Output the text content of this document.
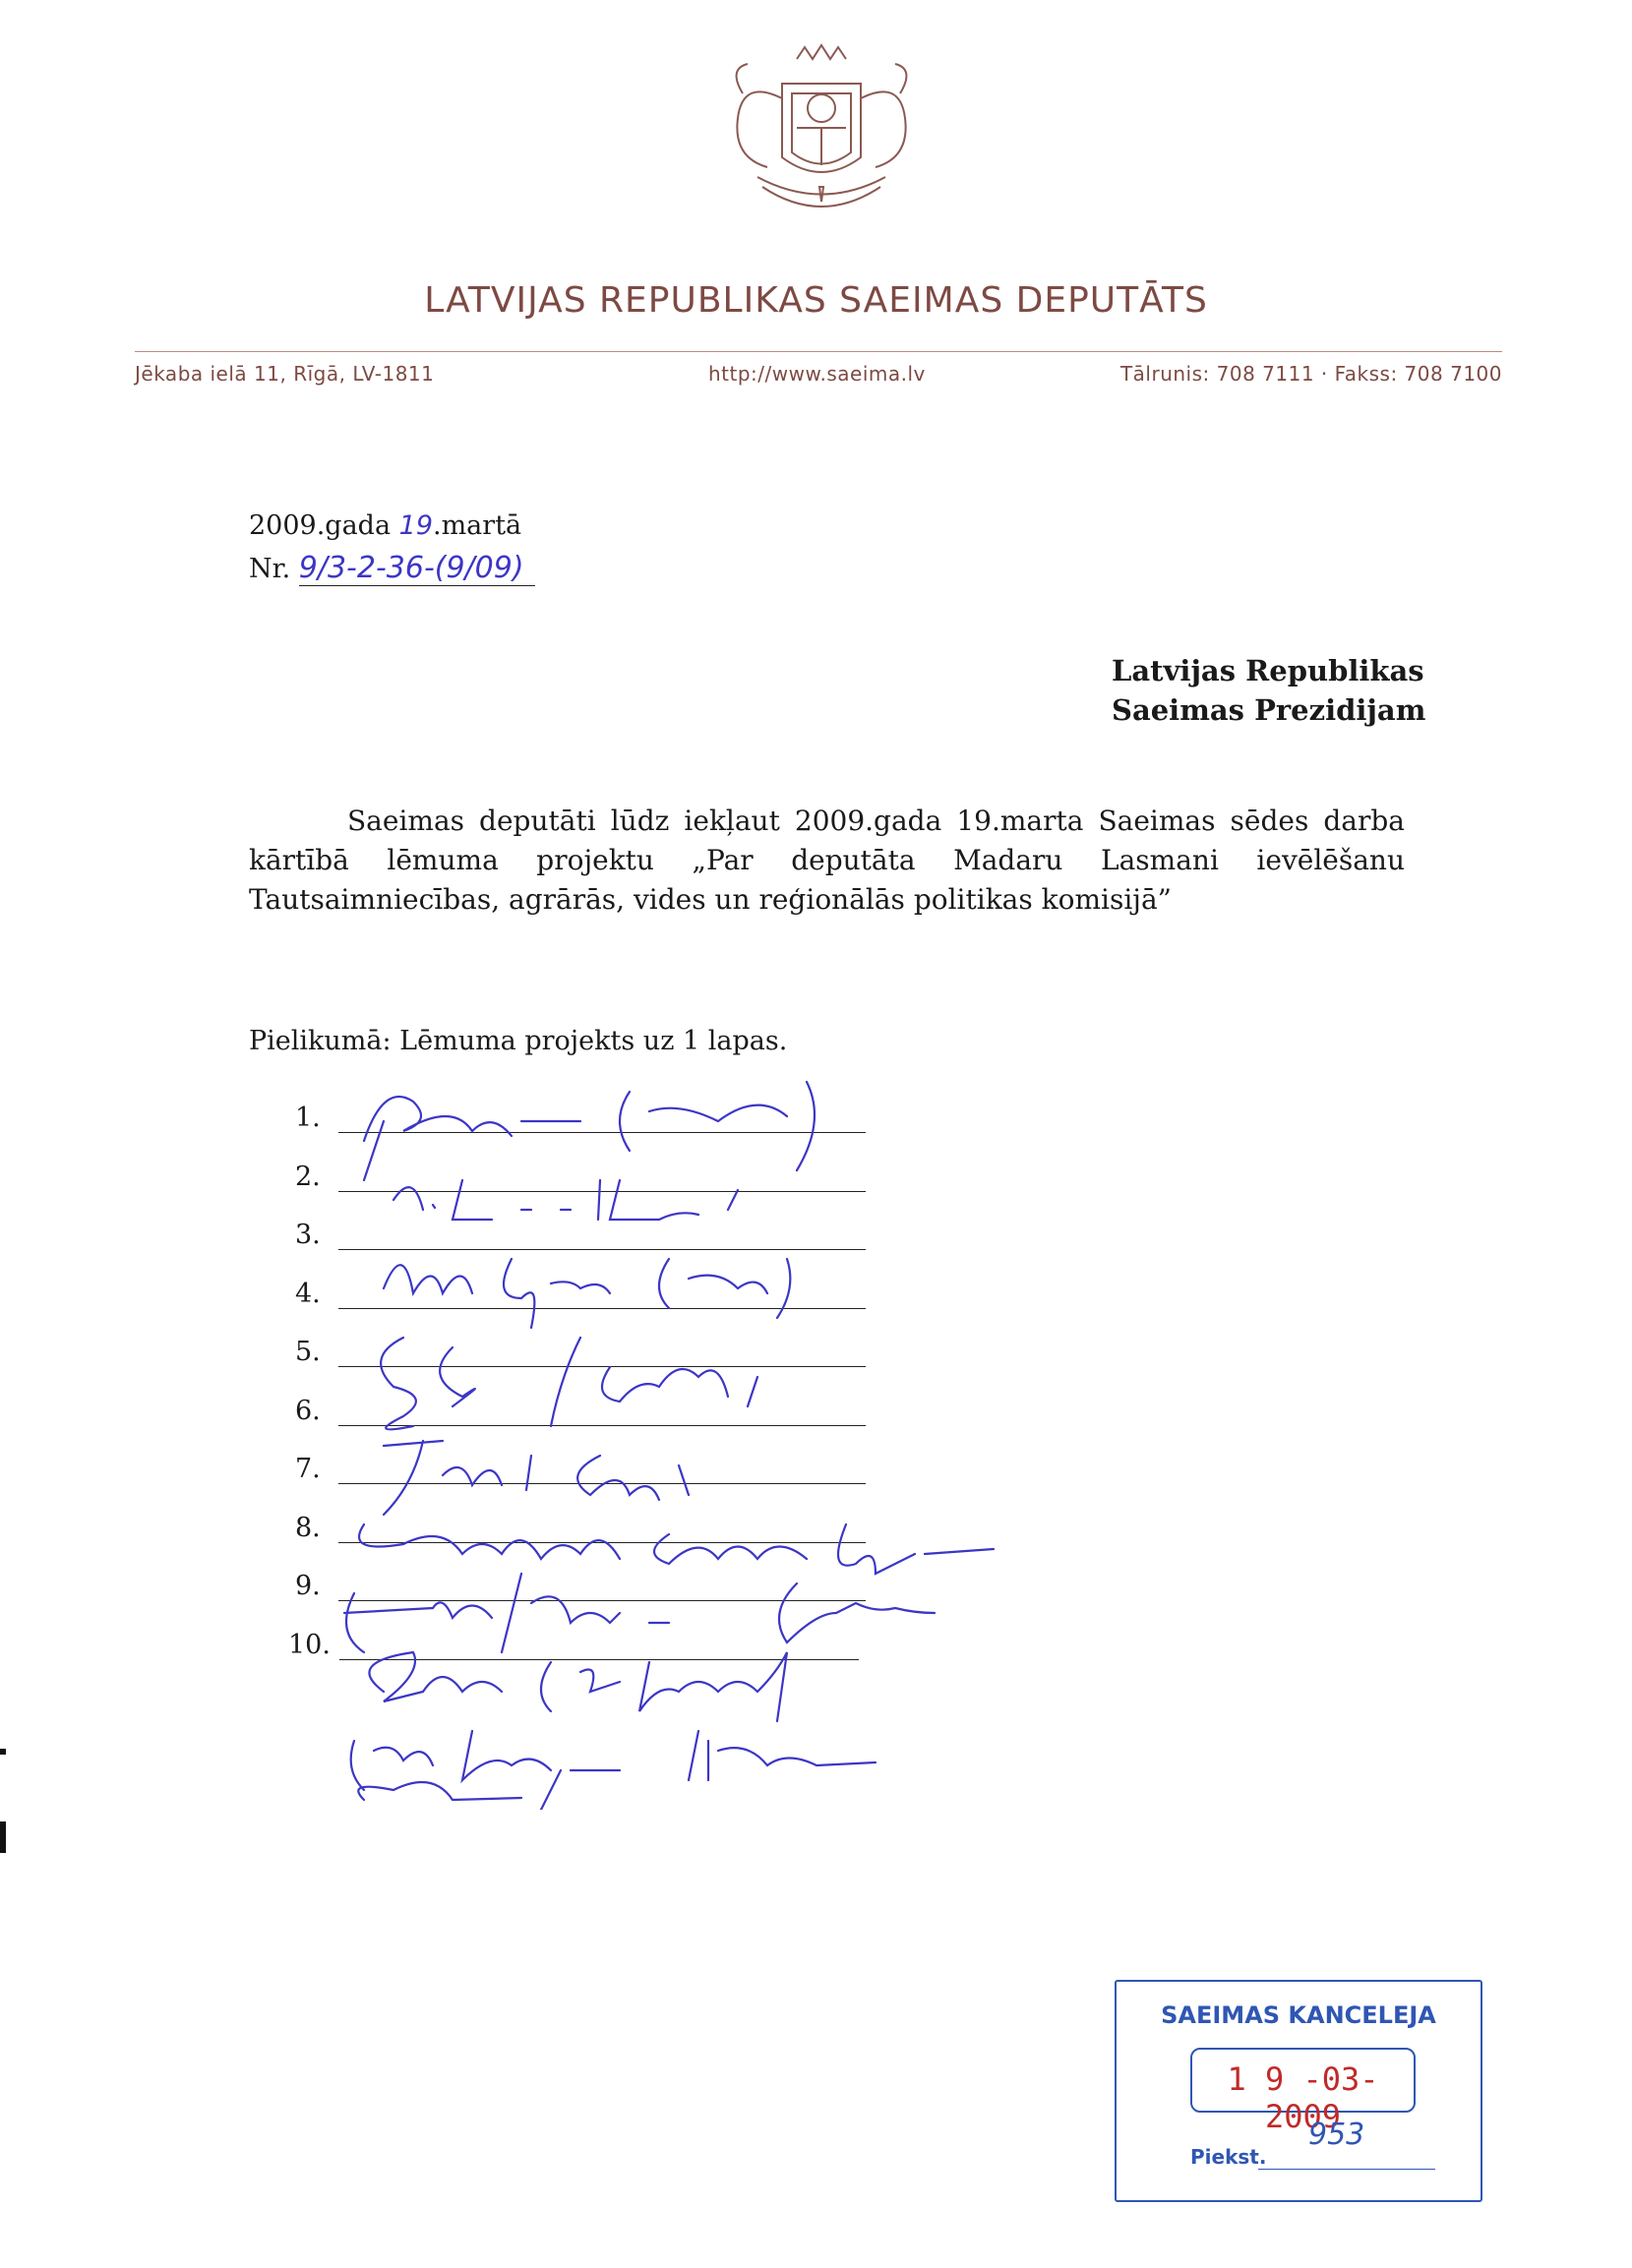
LATVIJAS REPUBLIKAS SAEIMAS DEPUTĀTS
Jēkaba ielā 11, Rīgā, LV-1811	http://www.saeima.lv	Tālrunis: 708 7111 · Fakss: 708 7100
2009.gada 19.martā
Nr. 9/3-2-36-(9/09)
Latvijas Republikas
Saeimas Prezidijam
Saeimas deputāti lūdz iekļaut 2009.gada 19.marta Saeimas sēdes darba kārtībā lēmuma projektu „Par deputāta Madaru Lasmani ievēlēšanu Tautsaimniecības, agrārās, vides un reģionālās politikas komisijā”
Pielikumā: Lēmuma projekts uz 1 lapas.
1.
2.
3.
4.
5.
6.
7.
8.
9.
10.
SAEIMAS KANCELEJA
1 9 -03- 2009
953
Piekst.
